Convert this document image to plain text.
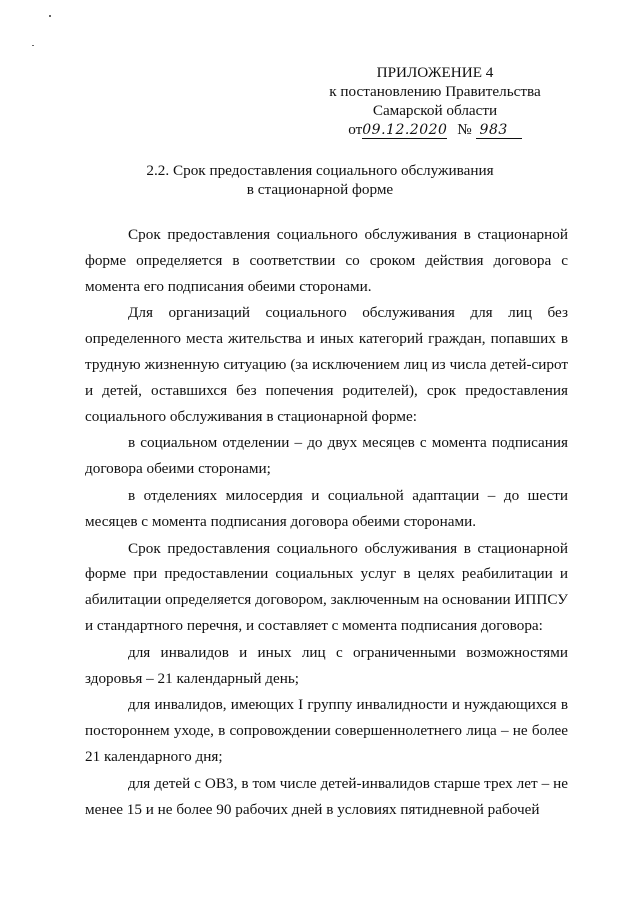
ПРИЛОЖЕНИЕ 4
к постановлению Правительства
Самарской области
от09.12.2020 № 983
2.2. Срок предоставления социального обслуживания
в стационарной форме

Срок предоставления социального обслуживания в стационарной форме определяется в соответствии со сроком действия договора с момента его подписания обеими сторонами.

Для организаций социального обслуживания для лиц без определенного места жительства и иных категорий граждан, попавших в трудную жизненную ситуацию (за исключением лиц из числа детей-сирот и детей, оставшихся без попечения родителей), срок предоставления социального обслуживания в стационарной форме:

в социальном отделении – до двух месяцев с момента подписания договора обеими сторонами;

в отделениях милосердия и социальной адаптации – до шести месяцев с момента подписания договора обеими сторонами.

Срок предоставления социального обслуживания в стационарной форме при предоставлении социальных услуг в целях реабилитации и абилитации определяется договором, заключенным на основании ИППСУ и стандартного перечня, и составляет с момента подписания договора:

для инвалидов и иных лиц с ограниченными возможностями здоровья – 21 календарный день;

для инвалидов, имеющих I группу инвалидности и нуждающихся в постороннем уходе, в сопровождении совершеннолетнего лица – не более 21 календарного дня;

для детей с ОВЗ, в том числе детей-инвалидов старше трех лет – не менее 15 и не более 90 рабочих дней в условиях пятидневной рабочей
